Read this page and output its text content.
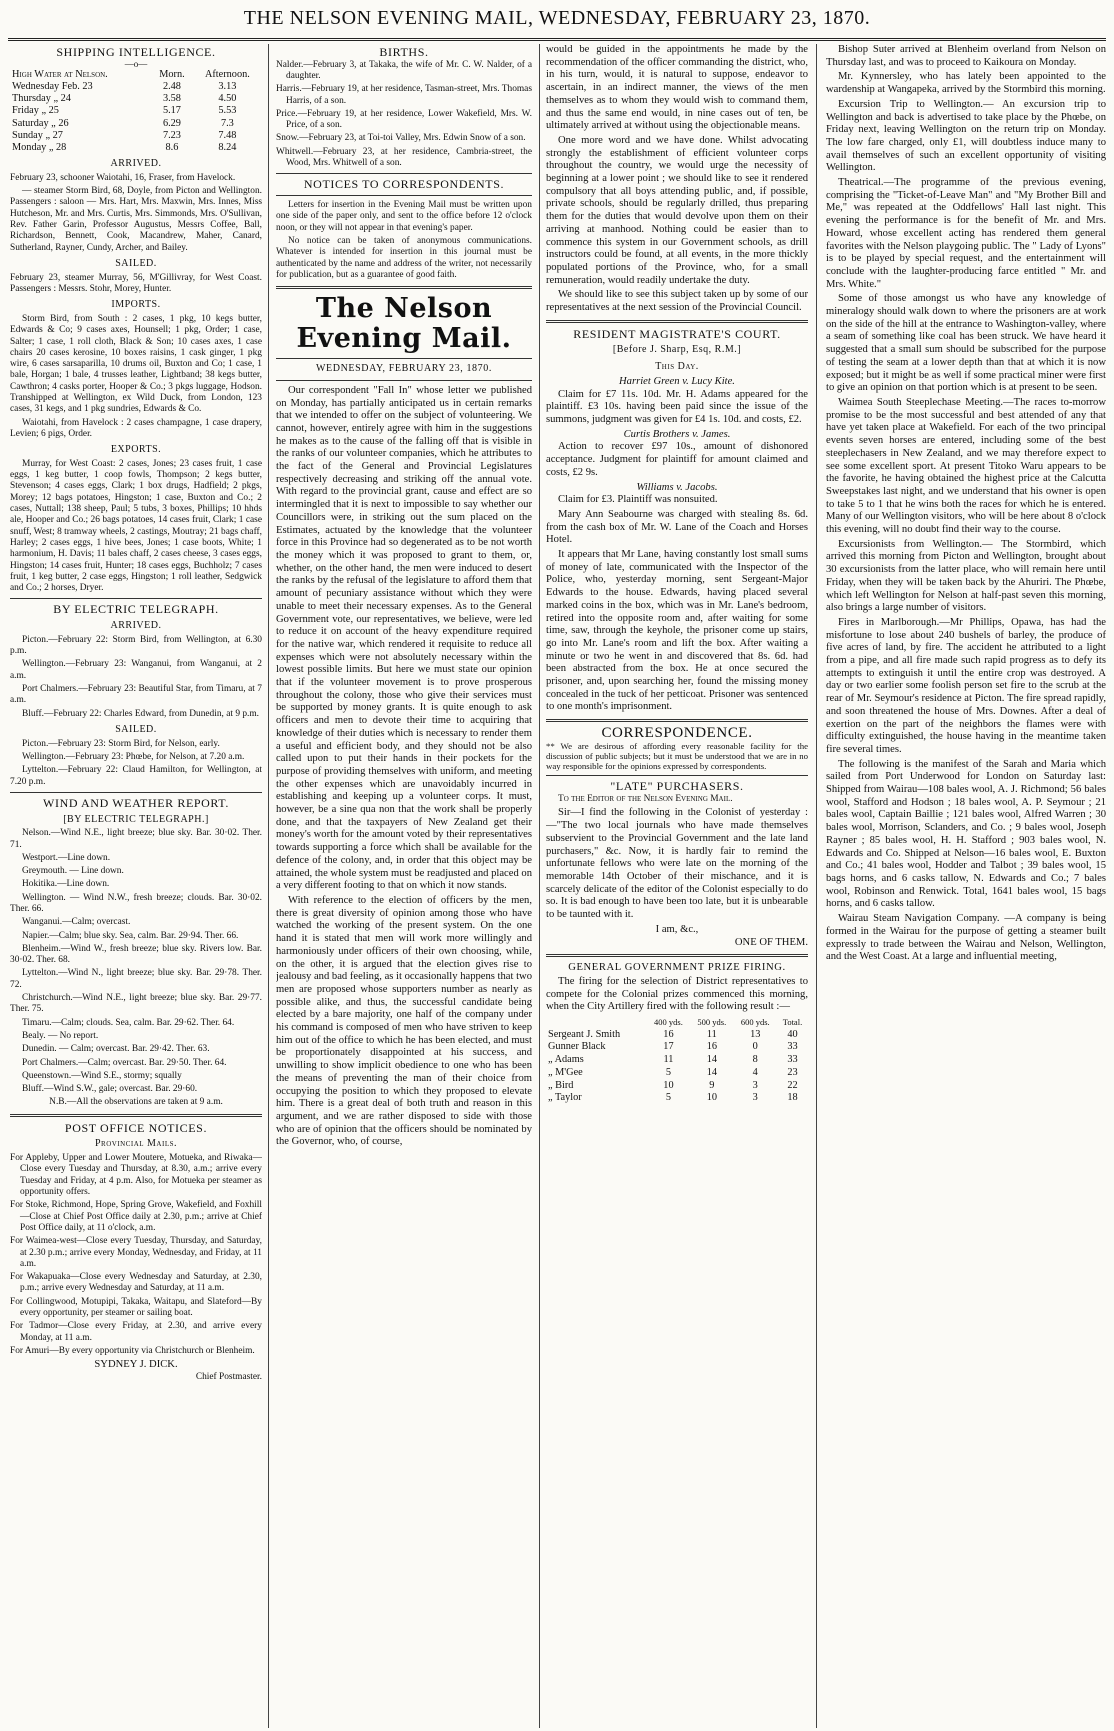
THE NELSON EVENING MAIL, WEDNESDAY, FEBRUARY 23, 1870.
SHIPPING INTELLIGENCE.
—o—
High Water at Nelson.	Morn.	Afternoon.
Wednesday Feb. 23	2.48	3.13
Thursday „ 24	3.58	4.50
Friday „ 25	5.17	5.53
Saturday „ 26	6.29	7.3
Sunday „ 27	7.23	7.48
Monday „ 28	8.6	8.24
ARRIVED.

February 23, schooner Waiotahi, 16, Fraser, from Havelock.

— steamer Storm Bird, 68, Doyle, from Picton and Wellington. Passengers : saloon — Mrs. Hart, Mrs. Maxwin, Mrs. Innes, Miss Hutcheson, Mr. and Mrs. Curtis, Mrs. Simmonds, Mrs. O'Sullivan, Rev. Father Garin, Professor Augustus, Messrs Coffee, Ball, Richardson, Bennett, Cook, Macandrew, Maher, Canard, Sutherland, Rayner, Cundy, Archer, and Bailey.

SAILED.

February 23, steamer Murray, 56, M'Gillivray, for West Coast. Passengers : Messrs. Stohr, Morey, Hunter.

IMPORTS.

Storm Bird, from South : 2 cases, 1 pkg, 10 kegs butter, Edwards & Co; 9 cases axes, Hounsell; 1 pkg, Order; 1 case, Salter; 1 case, 1 roll cloth, Black & Son; 10 cases axes, 1 case chairs 20 cases kerosine, 10 boxes raisins, 1 cask ginger, 1 pkg wire, 6 cases sarsaparilla, 10 drums oil, Buxton and Co; 1 case, 1 bale, Horgan; 1 bale, 4 trusses leather, Lightband; 38 kegs butter, Cawthron; 4 casks porter, Hooper & Co.; 3 pkgs luggage, Hodson. Transhipped at Wellington, ex Wild Duck, from London, 123 cases, 31 kegs, and 1 pkg sundries, Edwards & Co.

Waiotahi, from Havelock : 2 cases champagne, 1 case drapery, Levien; 6 pigs, Order.

EXPORTS.

Murray, for West Coast: 2 cases, Jones; 23 cases fruit, 1 case eggs, 1 keg butter, 1 coop fowls, Thompson; 2 kegs butter, Stevenson; 4 cases eggs, Clark; 1 box drugs, Hadfield; 2 pkgs, Morey; 12 bags potatoes, Hingston; 1 case, Buxton and Co.; 2 cases, Nuttall; 138 sheep, Paul; 5 tubs, 3 boxes, Phillips; 10 hhds ale, Hooper and Co.; 26 bags potatoes, 14 cases fruit, Clark; 1 case snuff, West; 8 tramway wheels, 2 castings, Moutray; 21 bags chaff, Harley; 2 cases eggs, 1 hive bees, Jones; 1 case boots, White; 1 harmonium, H. Davis; 11 bales chaff, 2 cases cheese, 3 cases eggs, Hingston; 14 cases fruit, Hunter; 18 cases eggs, Buchholz; 7 cases fruit, 1 keg butter, 2 case eggs, Hingston; 1 roll leather, Sedgwick and Co.; 2 horses, Dryer.

BY ELECTRIC TELEGRAPH.
ARRIVED.

Picton.—February 22: Storm Bird, from Wellington, at 6.30 p.m.

Wellington.—February 23: Wanganui, from Wanganui, at 2 a.m.

Port Chalmers.—February 23: Beautiful Star, from Timaru, at 7 a.m.

Bluff.—February 22: Charles Edward, from Dunedin, at 9 p.m.

SAILED.

Picton.—February 23: Storm Bird, for Nelson, early.

Wellington.—February 23: Phœbe, for Nelson, at 7.20 a.m.

Lyttelton.—February 22: Claud Hamilton, for Wellington, at 7.20 p.m.

WIND AND WEATHER REPORT.
[BY ELECTRIC TELEGRAPH.]

Nelson.—Wind N.E., light breeze; blue sky. Bar. 30·02. Ther. 71.

Westport.—Line down.

Greymouth. — Line down.

Hokitika.—Line down.

Wellington. — Wind N.W., fresh breeze; clouds. Bar. 30·02. Ther. 66.

Wanganui.—Calm; overcast.

Napier.—Calm; blue sky. Sea, calm. Bar. 29·94. Ther. 66.

Blenheim.—Wind W., fresh breeze; blue sky. Rivers low. Bar. 30·02. Ther. 68.

Lyttelton.—Wind N., light breeze; blue sky. Bar. 29·78. Ther. 72.

Christchurch.—Wind N.E., light breeze; blue sky. Bar. 29·77. Ther. 75.

Timaru.—Calm; clouds. Sea, calm. Bar. 29·62. Ther. 64.

Bealy. — No report.

Dunedin. — Calm; overcast. Bar. 29·42. Ther. 63.

Port Chalmers.—Calm; overcast. Bar. 29·50. Ther. 64.

Queenstown.—Wind S.E., stormy; squally

Bluff.—Wind S.W., gale; overcast. Bar. 29·60.

N.B.—All the observations are taken at 9 a.m.

POST OFFICE NOTICES.
Provincial Mails.

For Appleby, Upper and Lower Moutere, Motueka, and Riwaka—Close every Tuesday and Thursday, at 8.30, a.m.; arrive every Tuesday and Friday, at 4 p.m. Also, for Motueka per steamer as opportunity offers.

For Stoke, Richmond, Hope, Spring Grove, Wakefield, and Foxhill—Close at Chief Post Office daily at 2.30, p.m.; arrive at Chief Post Office daily, at 11 o'clock, a.m.

For Waimea-west—Close every Tuesday, Thursday, and Saturday, at 2.30 p.m.; arrive every Monday, Wednesday, and Friday, at 11 a.m.

For Wakapuaka—Close every Wednesday and Saturday, at 2.30, p.m.; arrive every Wednesday and Saturday, at 11 a.m.

For Collingwood, Motupipi, Takaka, Waitapu, and Slateford—By every opportunity, per steamer or sailing boat.

For Tadmor—Close every Friday, at 2.30, and arrive every Monday, at 11 a.m.

For Amuri—By every opportunity via Christchurch or Blenheim.

SYDNEY J. DICK.
Chief Postmaster.
BIRTHS.

Nalder.—February 3, at Takaka, the wife of Mr. C. W. Nalder, of a daughter.

Harris.—February 19, at her residence, Tasman-street, Mrs. Thomas Harris, of a son.

Price.—February 19, at her residence, Lower Wakefield, Mrs. W. Price, of a son.

Snow.—February 23, at Toi-toi Valley, Mrs. Edwin Snow of a son.

Whitwell.—February 23, at her residence, Cambria-street, the Wood, Mrs. Whitwell of a son.

NOTICES TO CORRESPONDENTS.

Letters for insertion in the Evening Mail must be written upon one side of the paper only, and sent to the office before 12 o'clock noon, or they will not appear in that evening's paper.

No notice can be taken of anonymous communications. Whatever is intended for insertion in this journal must be authenticated by the name and address of the writer, not necessarily for publication, but as a guarantee of good faith.

The Nelson Evening Mail.
WEDNESDAY, FEBRUARY 23, 1870.

Our correspondent "Fall In" whose letter we published on Monday, has partially anticipated us in certain remarks that we intended to offer on the subject of volunteering. We cannot, however, entirely agree with him in the suggestions he makes as to the cause of the falling off that is visible in the ranks of our volunteer companies, which he attributes to the fact of the General and Provincial Legislatures respectively decreasing and striking off the annual vote. With regard to the provincial grant, cause and effect are so intermingled that it is next to impossible to say whether our Councillors were, in striking out the sum placed on the Estimates, actuated by the knowledge that the volunteer force in this Province had so degenerated as to be not worth the money which it was proposed to grant to them, or, whether, on the other hand, the men were induced to desert the ranks by the refusal of the legislature to afford them that amount of pecuniary assistance without which they were unable to meet their necessary expenses. As to the General Government vote, our representatives, we believe, were led to reduce it on account of the heavy expenditure required for the native war, which rendered it requisite to reduce all expenses which were not absolutely necessary within the lowest possible limits. But here we must state our opinion that if the volunteer movement is to prove prosperous throughout the colony, those who give their services must be supported by money grants. It is quite enough to ask officers and men to devote their time to acquiring that knowledge of their duties which is necessary to render them a useful and efficient body, and they should not be also called upon to put their hands in their pockets for the purpose of providing themselves with uniform, and meeting the other expenses which are unavoidably incurred in establishing and keeping up a volunteer corps. It must, however, be a sine qua non that the work shall be properly done, and that the taxpayers of New Zealand get their money's worth for the amount voted by their representatives towards supporting a force which shall be available for the defence of the colony, and, in order that this object may be attained, the whole system must be readjusted and placed on a very different footing to that on which it now stands.

With reference to the election of officers by the men, there is great diversity of opinion among those who have watched the working of the present system. On the one hand it is stated that men will work more willingly and harmoniously under officers of their own choosing, while, on the other, it is argued that the election gives rise to jealousy and bad feeling, as it occasionally happens that two men are proposed whose supporters number as nearly as possible alike, and thus, the successful candidate being elected by a bare majority, one half of the company under his command is composed of men who have striven to keep him out of the office to which he has been elected, and must be proportionately disappointed at his success, and unwilling to show implicit obedience to one who has been the means of preventing the man of their choice from occupying the position to which they proposed to elevate him. There is a great deal of both truth and reason in this argument, and we are rather disposed to side with those who are of opinion that the officers should be nominated by the Governor, who, of course,

would be guided in the appointments he made by the recommendation of the officer commanding the district, who, in his turn, would, it is natural to suppose, endeavor to ascertain, in an indirect manner, the views of the men themselves as to whom they would wish to command them, and thus the same end would, in nine cases out of ten, be ultimately arrived at without using the objectionable means.

One more word and we have done. Whilst advocating strongly the establishment of efficient volunteer corps throughout the country, we would urge the necessity of beginning at a lower point ; we should like to see it rendered compulsory that all boys attending public, and, if possible, private schools, should be regularly drilled, thus preparing them for the duties that would devolve upon them on their arriving at manhood. Nothing could be easier than to commence this system in our Government schools, as drill instructors could be found, at all events, in the more thickly populated portions of the Province, who, for a small remuneration, would readily undertake the duty.

We should like to see this subject taken up by some of our representatives at the next session of the Provincial Council.

RESIDENT MAGISTRATE'S COURT.
[Before J. Sharp, Esq, R.M.]
This Day.
Harriet Green v. Lucy Kite.

Claim for £7 11s. 10d. Mr. H. Adams appeared for the plaintiff. £3 10s. having been paid since the issue of the summons, judgment was given for £4 1s. 10d. and costs, £2.

Curtis Brothers v. James.

Action to recover £97 10s., amount of dishonored acceptance. Judgment for plaintiff for amount claimed and costs, £2 9s.

Williams v. Jacobs.

Claim for £3. Plaintiff was nonsuited.

Mary Ann Seabourne was charged with stealing 8s. 6d. from the cash box of Mr. W. Lane of the Coach and Horses Hotel.

It appears that Mr Lane, having constantly lost small sums of money of late, communicated with the Inspector of the Police, who, yesterday morning, sent Sergeant-Major Edwards to the house. Edwards, having placed several marked coins in the box, which was in Mr. Lane's bedroom, retired into the opposite room and, after waiting for some time, saw, through the keyhole, the prisoner come up stairs, go into Mr. Lane's room and lift the box. After waiting a minute or two he went in and discovered that 8s. 6d. had been abstracted from the box. He at once secured the prisoner, and, upon searching her, found the missing money concealed in the tuck of her petticoat. Prisoner was sentenced to one month's imprisonment.

CORRESPONDENCE.

** We are desirous of affording every reasonable facility for the discussion of public subjects; but it must be understood that we are in no way responsible for the opinions expressed by correspondents.

"LATE" PURCHASERS.

To the Editor of the Nelson Evening Mail.

Sir—I find the following in the Colonist of yesterday :—"The two local journals who have made themselves subservient to the Provincial Government and the late land purchasers," &c. Now, it is hardly fair to remind the unfortunate fellows who were late on the morning of the memorable 14th October of their mischance, and it is scarcely delicate of the editor of the Colonist especially to do so. It is bad enough to have been too late, but it is unbearable to be taunted with it.

I am, &c.,
ONE OF THEM.
GENERAL GOVERNMENT PRIZE FIRING.

The firing for the selection of District representatives to compete for the Colonial prizes commenced this morning, when the City Artillery fired with the following result :—

	400 yds.	500 yds.	600 yds.	Total.
Sergeant J. Smith	16	11	13	40
Gunner Black	17	16	0	33
„ Adams	11	14	8	33
„ M'Gee	5	14	4	23
„ Bird	10	9	3	22
„ Taylor	5	10	3	18

Bishop Suter arrived at Blenheim overland from Nelson on Thursday last, and was to proceed to Kaikoura on Monday.

Mr. Kynnersley, who has lately been appointed to the wardenship at Wangapeka, arrived by the Stormbird this morning.

Excursion Trip to Wellington.— An excursion trip to Wellington and back is advertised to take place by the Phœbe, on Friday next, leaving Wellington on the return trip on Monday. The low fare charged, only £1, will doubtless induce many to avail themselves of such an excellent opportunity of visiting Wellington.

Theatrical.—The programme of the previous evening, comprising the "Ticket-of-Leave Man" and "My Brother Bill and Me," was repeated at the Oddfellows' Hall last night. This evening the performance is for the benefit of Mr. and Mrs. Howard, whose excellent acting has rendered them general favorites with the Nelson playgoing public. The " Lady of Lyons" is to be played by special request, and the entertainment will conclude with the laughter-producing farce entitled " Mr. and Mrs. White."

Some of those amongst us who have any knowledge of mineralogy should walk down to where the prisoners are at work on the side of the hill at the entrance to Washington-valley, where a seam of something like coal has been struck. We have heard it suggested that a small sum should be subscribed for the purpose of testing the seam at a lower depth than that at which it is now exposed; but it might be as well if some practical miner were first to give an opinion on that portion which is at present to be seen.

Waimea South Steeplechase Meeting.—The races to-morrow promise to be the most successful and best attended of any that have yet taken place at Wakefield. For each of the two principal events seven horses are entered, including some of the best steeplechasers in New Zealand, and we may therefore expect to see some excellent sport. At present Titoko Waru appears to be the favorite, he having obtained the highest price at the Calcutta Sweepstakes last night, and we understand that his owner is open to take 5 to 1 that he wins both the races for which he is entered. Many of our Wellington visitors, who will be here about 8 o'clock this evening, will no doubt find their way to the course.

Excursionists from Wellington.— The Stormbird, which arrived this morning from Picton and Wellington, brought about 30 excursionists from the latter place, who will remain here until Friday, when they will be taken back by the Ahuriri. The Phœbe, which left Wellington for Nelson at half-past seven this morning, also brings a large number of visitors.

Fires in Marlborough.—Mr Phillips, Opawa, has had the misfortune to lose about 240 bushels of barley, the produce of five acres of land, by fire. The accident he attributed to a light from a pipe, and all fire made such rapid progress as to defy its attempts to extinguish it until the entire crop was destroyed. A day or two earlier some foolish person set fire to the scrub at the rear of Mr. Seymour's residence at Picton. The fire spread rapidly, and soon threatened the house of Mrs. Downes. After a deal of exertion on the part of the neighbors the flames were with difficulty extinguished, the house having in the meantime taken fire several times.

The following is the manifest of the Sarah and Maria which sailed from Port Underwood for London on Saturday last: Shipped from Wairau—108 bales wool, A. J. Richmond; 56 bales wool, Stafford and Hodson ; 18 bales wool, A. P. Seymour ; 21 bales wool, Captain Baillie ; 121 bales wool, Alfred Warren ; 30 bales wool, Morrison, Sclanders, and Co. ; 9 bales wool, Joseph Rayner ; 85 bales wool, H. H. Stafford ; 903 bales wool, N. Edwards and Co. Shipped at Nelson—16 bales wool, E. Buxton and Co.; 41 bales wool, Hodder and Talbot ; 39 bales wool, 15 bags horns, and 6 casks tallow, N. Edwards and Co.; 7 bales wool, Robinson and Renwick. Total, 1641 bales wool, 15 bags horns, and 6 casks tallow.

Wairau Steam Navigation Company. —A company is being formed in the Wairau for the purpose of getting a steamer built expressly to trade between the Wairau and Nelson, Wellington, and the West Coast. At a large and influential meeting,
